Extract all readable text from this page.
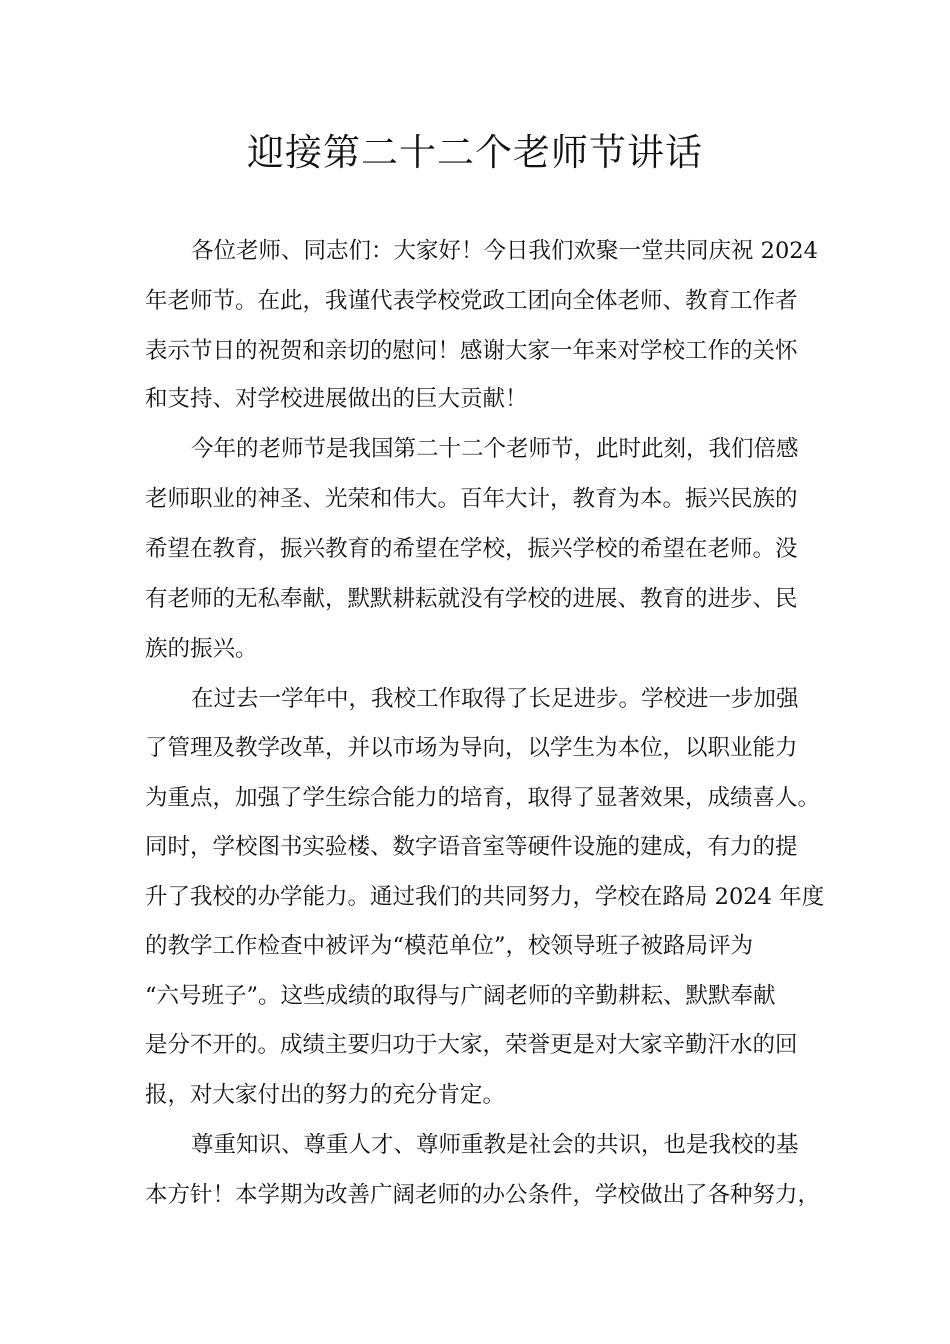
迎接第二十二个老师节讲话

各位老师、同志们：大家好！今日我们欢聚一堂共同庆祝 2024

年老师节。在此，我谨代表学校党政工团向全体老师、教育工作者

表示节日的祝贺和亲切的慰问！感谢大家一年来对学校工作的关怀

和支持、对学校进展做出的巨大贡献！

今年的老师节是我国第二十二个老师节，此时此刻，我们倍感

老师职业的神圣、光荣和伟大。百年大计，教育为本。振兴民族的

希望在教育，振兴教育的希望在学校，振兴学校的希望在老师。没

有老师的无私奉献，默默耕耘就没有学校的进展、教育的进步、民

族的振兴。

在过去一学年中，我校工作取得了长足进步。学校进一步加强

了管理及教学改革，并以市场为导向，以学生为本位，以职业能力

为重点，加强了学生综合能力的培育，取得了显著效果，成绩喜人。

同时，学校图书实验楼、数字语音室等硬件设施的建成，有力的提

升了我校的办学能力。通过我们的共同努力，学校在路局 2024 年度

的教学工作检查中被评为“模范单位”，校领导班子被路局评为

“六号班子”。这些成绩的取得与广阔老师的辛勤耕耘、默默奉献

是分不开的。成绩主要归功于大家，荣誉更是对大家辛勤汗水的回

报，对大家付出的努力的充分肯定。

尊重知识、尊重人才、尊师重教是社会的共识，也是我校的基

本方针！本学期为改善广阔老师的办公条件，学校做出了各种努力，
